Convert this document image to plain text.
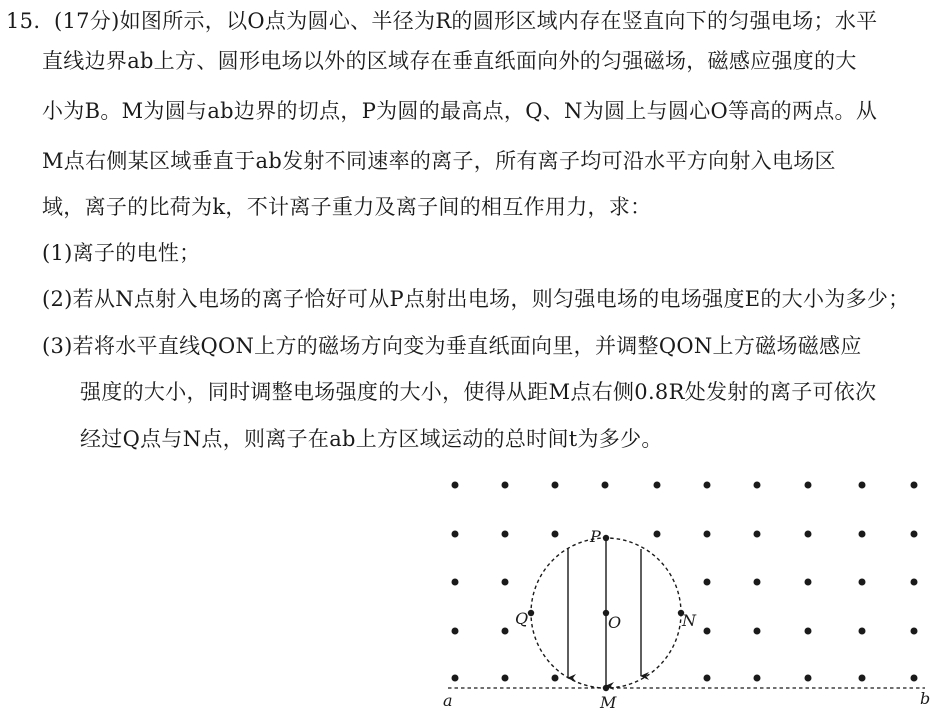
15. (17分)如图所示，以O点为圆心、半径为R的圆形区域内存在竖直向下的匀强电场；水平
直线边界ab上方、圆形电场以外的区域存在垂直纸面向外的匀强磁场，磁感应强度的大
小为B。M为圆与ab边界的切点，P为圆的最高点，Q、N为圆上与圆心O等高的两点。从
M点右侧某区域垂直于ab发射不同速率的离子，所有离子均可沿水平方向射入电场区
域，离子的比荷为k，不计离子重力及离子间的相互作用力，求：
(1)离子的电性；
(2)若从N点射入电场的离子恰好可从P点射出电场，则匀强电场的电场强度E的大小为多少；
(3)若将水平直线QON上方的磁场方向变为垂直纸面向里，并调整QON上方磁场磁感应
强度的大小，同时调整电场强度的大小，使得从距M点右侧0.8R处发射的离子可依次
经过Q点与N点，则离子在ab上方区域运动的总时间t为多少。
P
O
Q	N
M
a	b
